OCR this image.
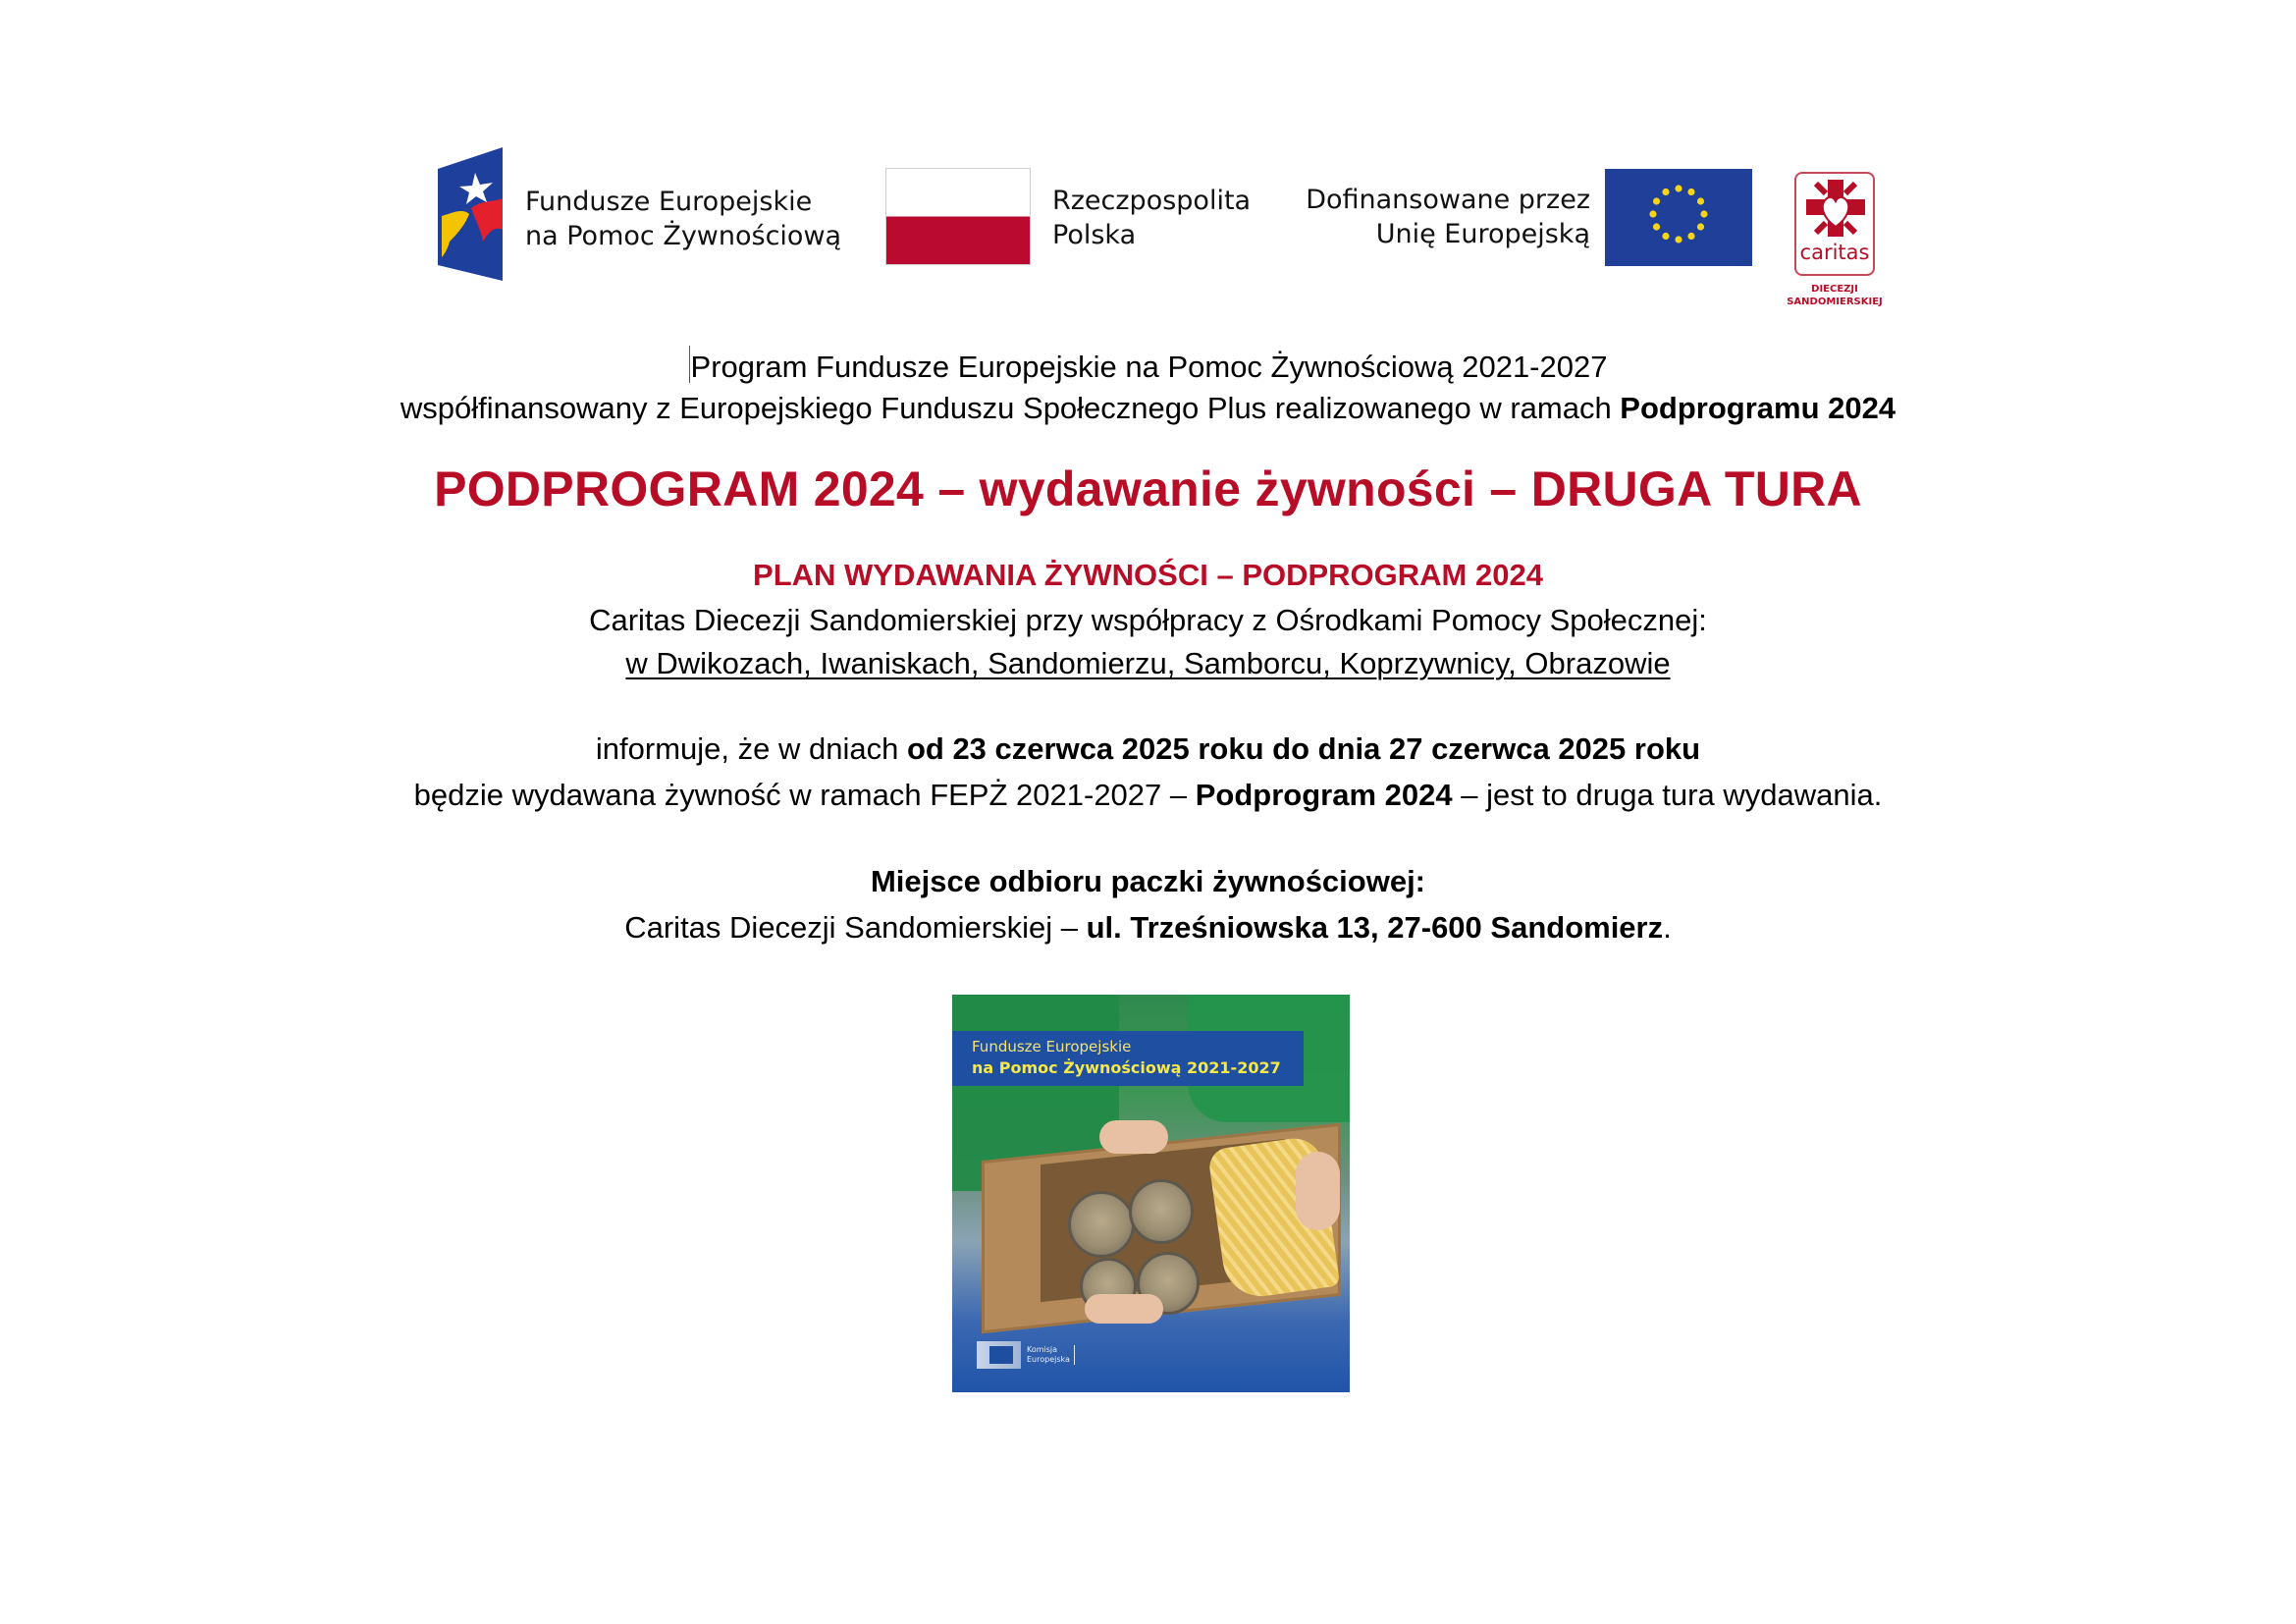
Fundusze Europejskie
na Pomoc Żywnościową
Rzeczpospolita
Polska
Dofinansowane przez
Unię Europejską
caritas
DIECEZJI
SANDOMIERSKIEJ
Program Fundusze Europejskie na Pomoc Żywnościową 2021-2027
współfinansowany z Europejskiego Funduszu Społecznego Plus realizowanego w ramach Podprogramu 2024
PODPROGRAM 2024 – wydawanie żywności – DRUGA TURA
PLAN WYDAWANIA ŻYWNOŚCI – PODPROGRAM 2024
Caritas Diecezji Sandomierskiej przy współpracy z Ośrodkami Pomocy Społecznej:
w Dwikozach, Iwaniskach, Sandomierzu, Samborcu, Koprzywnicy, Obrazowie
informuje, że w dniach od 23 czerwca 2025 roku do dnia 27 czerwca 2025 roku
będzie wydawana żywność w ramach FEPŻ 2021-2027 – Podprogram 2024 – jest to druga tura wydawania.
Miejsce odbioru paczki żywnościowej:
Caritas Diecezji Sandomierskiej – ul. Trześniowska 13, 27-600 Sandomierz.
Fundusze Europejskie
na Pomoc Żywnościową 2021-2027
Komisja
Europejska
